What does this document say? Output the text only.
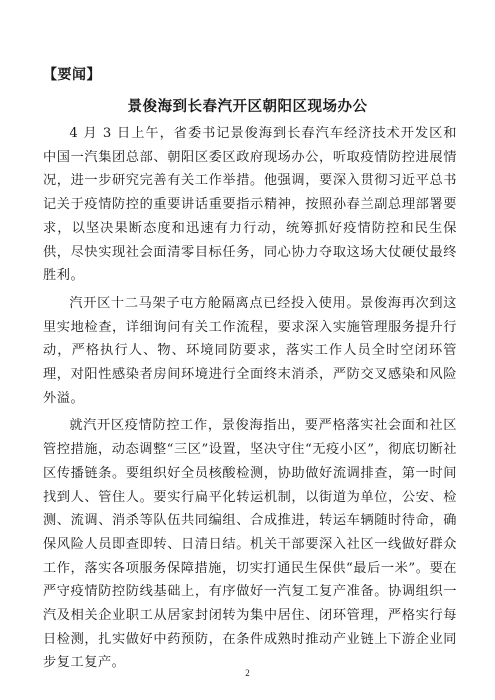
【要闻】
景俊海到长春汽开区朝阳区现场办公

4 月 3 日上午，省委书记景俊海到长春汽车经济技术开发区和中国一汽集团总部、朝阳区委区政府现场办公，听取疫情防控进展情况，进一步研究完善有关工作举措。他强调，要深入贯彻习近平总书记关于疫情防控的重要讲话重要指示精神，按照孙春兰副总理部署要求，以坚决果断态度和迅速有力行动，统筹抓好疫情防控和民生保供，尽快实现社会面清零目标任务，同心协力夺取这场大仗硬仗最终胜利。

汽开区十二马架子屯方舱隔离点已经投入使用。景俊海再次到这里实地检查，详细询问有关工作流程，要求深入实施管理服务提升行动，严格执行人、物、环境同防要求，落实工作人员全时空闭环管理，对阳性感染者房间环境进行全面终末消杀，严防交叉感染和风险外溢。

就汽开区疫情防控工作，景俊海指出，要严格落实社会面和社区管控措施，动态调整“三区”设置，坚决守住“无疫小区”，彻底切断社区传播链条。要组织好全员核酸检测，协助做好流调排查，第一时间找到人、管住人。要实行扁平化转运机制，以街道为单位，公安、检测、流调、消杀等队伍共同编组、合成推进，转运车辆随时待命，确保风险人员即查即转、日清日结。机关干部要深入社区一线做好群众工作，落实各项服务保障措施，切实打通民生保供“最后一米”。要在严守疫情防控防线基础上，有序做好一汽复工复产准备。协调组织一汽及相关企业职工从居家封闭转为集中居住、闭环管理，严格实行每日检测，扎实做好中药预防，在条件成熟时推动产业链上下游企业同步复工复产。

2
